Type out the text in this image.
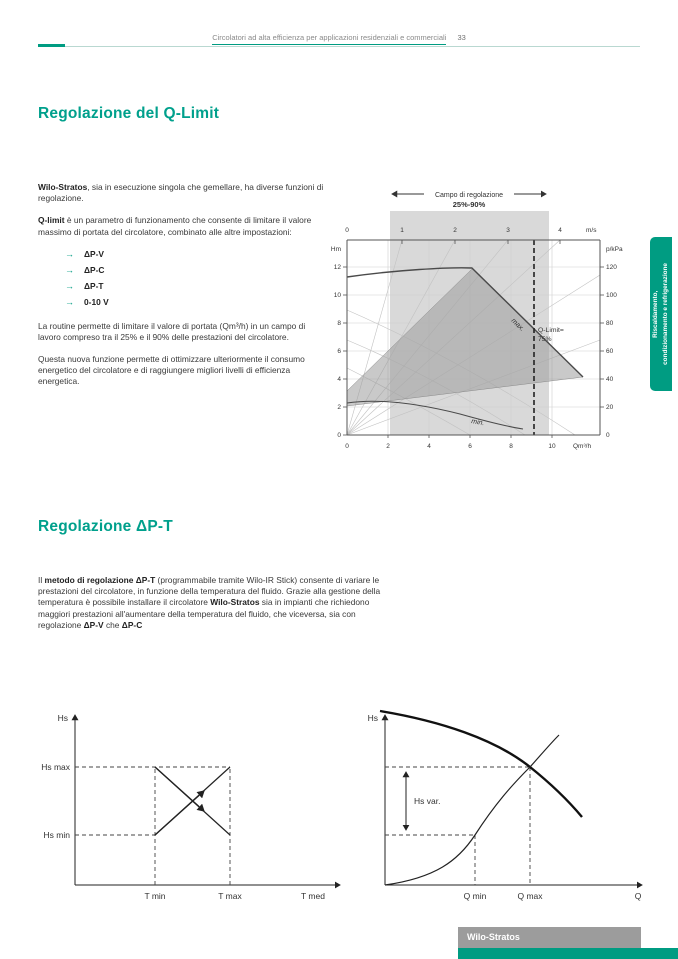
Circolatori ad alta efficienza per applicazioni residenziali e commerciali 33
Regolazione del Q-Limit

Wilo-Stratos, sia in esecuzione singola che gemellare, ha diverse funzioni di regolazione.

Q-limit è un parametro di funzionamento che consente di limitare il valore massimo di portata del circolatore, combinato alle altre impostazioni:

→ ΔP-V
→ ΔP-C
→ ΔP-T
→ 0-10 V

La routine permette di limitare il valore di portata (Qm³/h) in un campo di lavoro compreso tra il 25% e il 90% delle prestazioni del circolatore.

Questa nuova funzione permette di ottimizzare ulteriormente il consumo energetico del circolatore e di raggiungere migliori livelli di efficienza energetica.

Campo di regolazione
25%-90%
max.
min.
Q-Limit=
75%
0	1	2	3	4	m/s
Hm
12
10
8
6
4
2
0
p/kPa
120
100
80
60
40
20
0
0	2	4	6	8	10	Qm³/h
Riscaldamento, condizionamento e refrigerazione
Regolazione ΔP-T

Il metodo di regolazione ΔP-T (programmabile tramite Wilo-IR Stick) consente di variare le prestazioni del circolatore, in funzione della temperatura del fluido. Grazie alla gestione della temperatura è possibile installare il circolatore Wilo-Stratos sia in impianti che richiedono maggiori prestazioni all'aumentare della temperatura del fluido, che viceversa, sia con regolazione ΔP-V che ΔP-C

Hs
Hs max
Hs min
T min	T max	T med
Hs
Hs var.
Q min	Q max	Q
Wilo-Stratos
